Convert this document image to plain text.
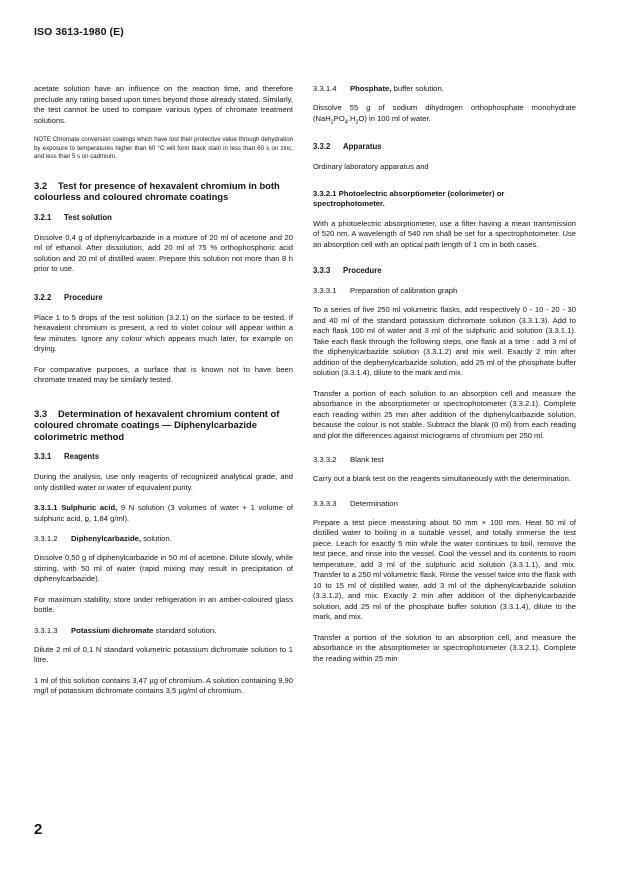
ISO 3613-1980 (E)

acetate solution have an influence on the reaction time, and therefore preclude any rating based upon times beyond those already stated. Similarly, the test cannot be used to compare various types of chromate treatment solutions.

NOTE Chromate conversion coatings which have lost their protective value through dehydration by exposure to temperatures higher than 60 °C will form black stain in less than 60 s on zinc, and less than 5 s on cadmium.

3.2 Test for presence of hexavalent chromium in both colourless and coloured chromate coatings
3.2.1 Test solution

Dissolve 0,4 g of diphenylcarbazide in a mixture of 20 ml of acetone and 20 ml of ethanol. After dissolution, add 20 ml of 75 % orthophosphoric acid solution and 20 ml of distilled water. Prepare this solution not more than 8 h prior to use.

3.2.2 Procedure

Place 1 to 5 drops of the test solution (3.2.1) on the surface to be tested. If hexavalent chromium is present, a red to violet colour will appear within a few minutes. Ignore any colour which appears much later, for example on drying.

For comparative purposes, a surface that is known not to have been chromate treated may be similarly tested.

3.3 Determination of hexavalent chromium content of coloured chromate coatings — Diphenylcarbazide colorimetric method
3.3.1 Reagents

During the analysis, use only reagents of recognized analytical grade, and only distilled water or water of equivalent purity.

3.3.1.1 Sulphuric acid, 9 N solution (3 volumes of water + 1 volume of sulphuric acid, ϱ, 1,84 g/ml).

3.3.1.2 Diphenylcarbazide, solution.

Dissolve 0,50 g of diphenylcarbazide in 50 ml of acetone. Dilute slowly, while stirring, with 50 ml of water (rapid mixing may result in precipitation of diphenylcarbazide).

For maximum stability, store under refrigeration in an amber-coloured glass bottle.

3.3.1.3 Potassium dichromate standard solution.

Dilute 2 ml of 0,1 N standard volumetric potassium dichromate solution to 1 litre.

1 ml of this solution contains 3,47 µg of chromium. A solution containing 9,90 mg/l of potassium dichromate contains 3,5 µg/ml of chromium.

3.3.1.4 Phosphate, buffer solution.

Dissolve 55 g of sodium dihydrogen orthophosphate monohydrate $(NaH_2PO_4.H_2O)$ in 100 ml of water.

3.3.2 Apparatus

Ordinary laboratory apparatus and

3.3.2.1 Photoelectric absorptiometer (colorimeter) or spectrophotometer.

With a photoelectric absorptiometer, use a filter having a mean transmission of 520 nm. A wavelength of 540 nm shall be set for a spectrophotometer. Use an absorption cell with an optical path length of 1 cm in both cases.

3.3.3 Procedure
3.3.3.1 Preparation of calibration graph

To a series of five 250 ml volumetric flasks, add respectively 0 - 10 - 20 - 30 and 40 ml of the standard potassium dichromate solution (3.3.1.3). Add to each flask 100 ml of water and 3 ml of the sulphuric acid solution (3.3.1.1). Take each flask through the following steps, one flask at a time : add 3 ml of the diphenylcarbazide solution (3.3.1.2) and mix well. Exactly 2 min after addition of the dephenylcarbazide solution, add 25 ml of the phosphate buffer solution (3.3.1.4), dilute to the mark and mix.

Transfer a portion of each solution to an absorption cell and measure the absorbance in the absorptiometer or spectrophotometer (3.3.2.1). Complete each reading within 25 min after addition of the diphenylcarbazide solution, because the colour is not stable. Subtract the blank (0 ml) from each reading and plot the differences against micrograms of chromium per 250 ml.

3.3.3.2 Blank test

Carry out a blank test on the reagents simultaneously with the determination.

3.3.3.3 Determination

Prepare a test piece measuring about 50 mm × 100 mm. Heat 50 ml of distilled water to boiling in a suitable vessel, and totally immerse the test piece. Leach for exactly 5 min while the water continues to boil, remove the test piece, and rinse into the vessel. Cool the vessel and its contents to room temperature, add 3 ml of the sulphuric acid solution (3.3.1.1), and mix. Transfer to a 250 ml volumetric flask. Rinse the vessel twice into the flask with 10 to 15 ml of distilled water, add 3 ml of the diphenylcarbazide solution (3.3.1.2), and mix. Exactly 2 min after addition of the diphenylcarbazide solution, add 25 ml of the phosphate buffer solution (3.3.1.4), dilute to the mark, and mix.

Transfer a portion of the solution to an absorption cell, and measure the absorbance in the absorptiometer or spectrophotometer (3.3.2.1). Complete the reading within 25 min

2
